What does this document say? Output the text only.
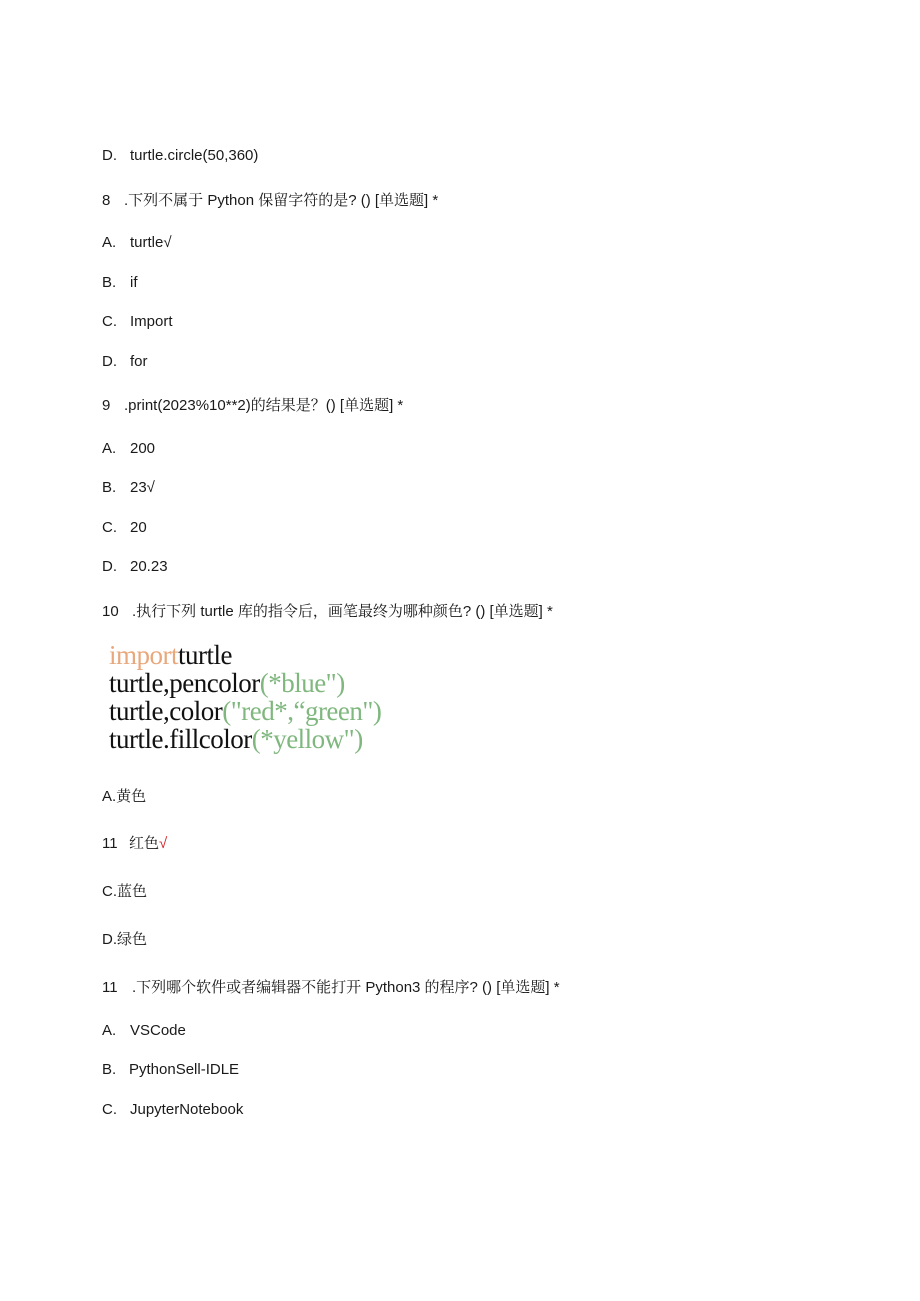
D. turtle.circle(50,360)
8 .下列不属于 Python 保留字符的是? () [单选题] *
A. turtle√
B. if
C. Import
D. for
9 .print(2023%10**2)的结果是？() [单选题] *
A. 200
B. 23√
C. 20
D. 20.23
10 .执行下列 turtle 库的指令后，画笔最终为哪种颜色? () [单选题] *
importturtle
turtle,pencolor(*blue")
turtle,color("red*,“green")
turtle.fillcolor(*yellow")
A.黄色
11 红色√
C.蓝色
D.绿色
11 .下列哪个软件或者编辑器不能打开 Python3 的程序? () [单选题] *
A. VSCode
B. PythonSell-IDLE
C. JupyterNotebook
